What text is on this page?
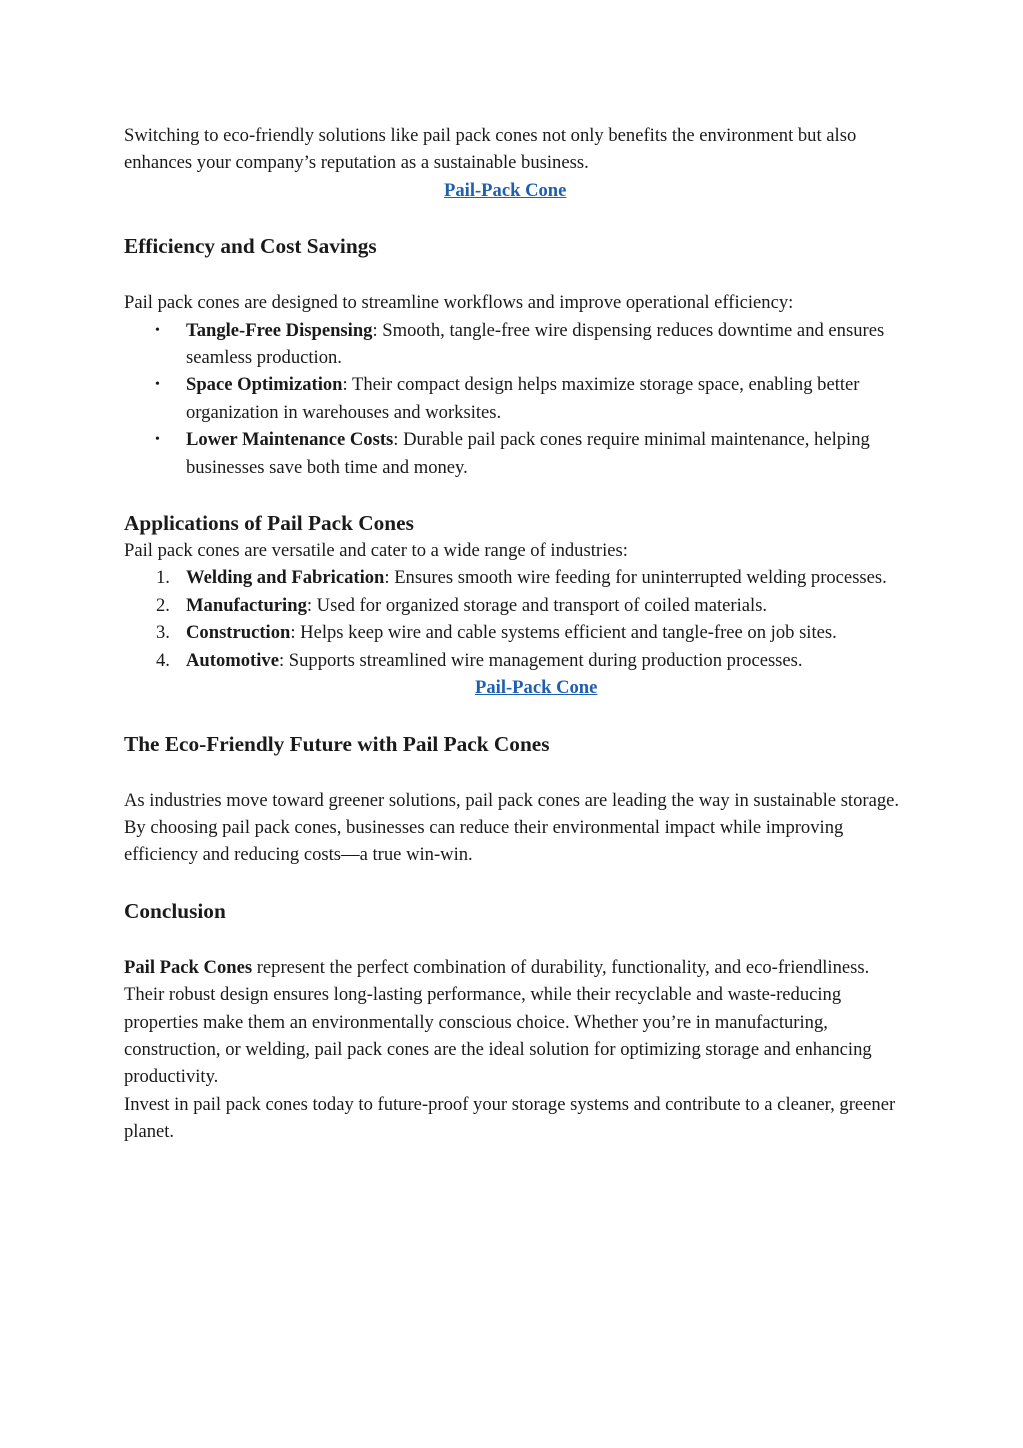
Switching to eco-friendly solutions like pail pack cones not only benefits the environment but also enhances your company’s reputation as a sustainable business.

Pail-Pack Cone
Efficiency and Cost Savings

Pail pack cones are designed to streamline workflows and improve operational efficiency:

• Tangle-Free Dispensing: Smooth, tangle-free wire dispensing reduces downtime and ensures seamless production.
• Space Optimization: Their compact design helps maximize storage space, enabling better organization in warehouses and worksites.
• Lower Maintenance Costs: Durable pail pack cones require minimal maintenance, helping businesses save both time and money.
Applications of Pail Pack Cones

Pail pack cones are versatile and cater to a wide range of industries:

1. Welding and Fabrication: Ensures smooth wire feeding for uninterrupted welding processes.
2. Manufacturing: Used for organized storage and transport of coiled materials.
3. Construction: Helps keep wire and cable systems efficient and tangle-free on job sites.
4. Automotive: Supports streamlined wire management during production processes.
Pail-Pack Cone
The Eco-Friendly Future with Pail Pack Cones

As industries move toward greener solutions, pail pack cones are leading the way in sustainable storage. By choosing pail pack cones, businesses can reduce their environmental impact while improving efficiency and reducing costs—a true win-win.

Conclusion

Pail Pack Cones represent the perfect combination of durability, functionality, and eco-friendliness. Their robust design ensures long-lasting performance, while their recyclable and waste-reducing properties make them an environmentally conscious choice. Whether you’re in manufacturing, construction, or welding, pail pack cones are the ideal solution for optimizing storage and enhancing productivity.

Invest in pail pack cones today to future-proof your storage systems and contribute to a cleaner, greener planet.
